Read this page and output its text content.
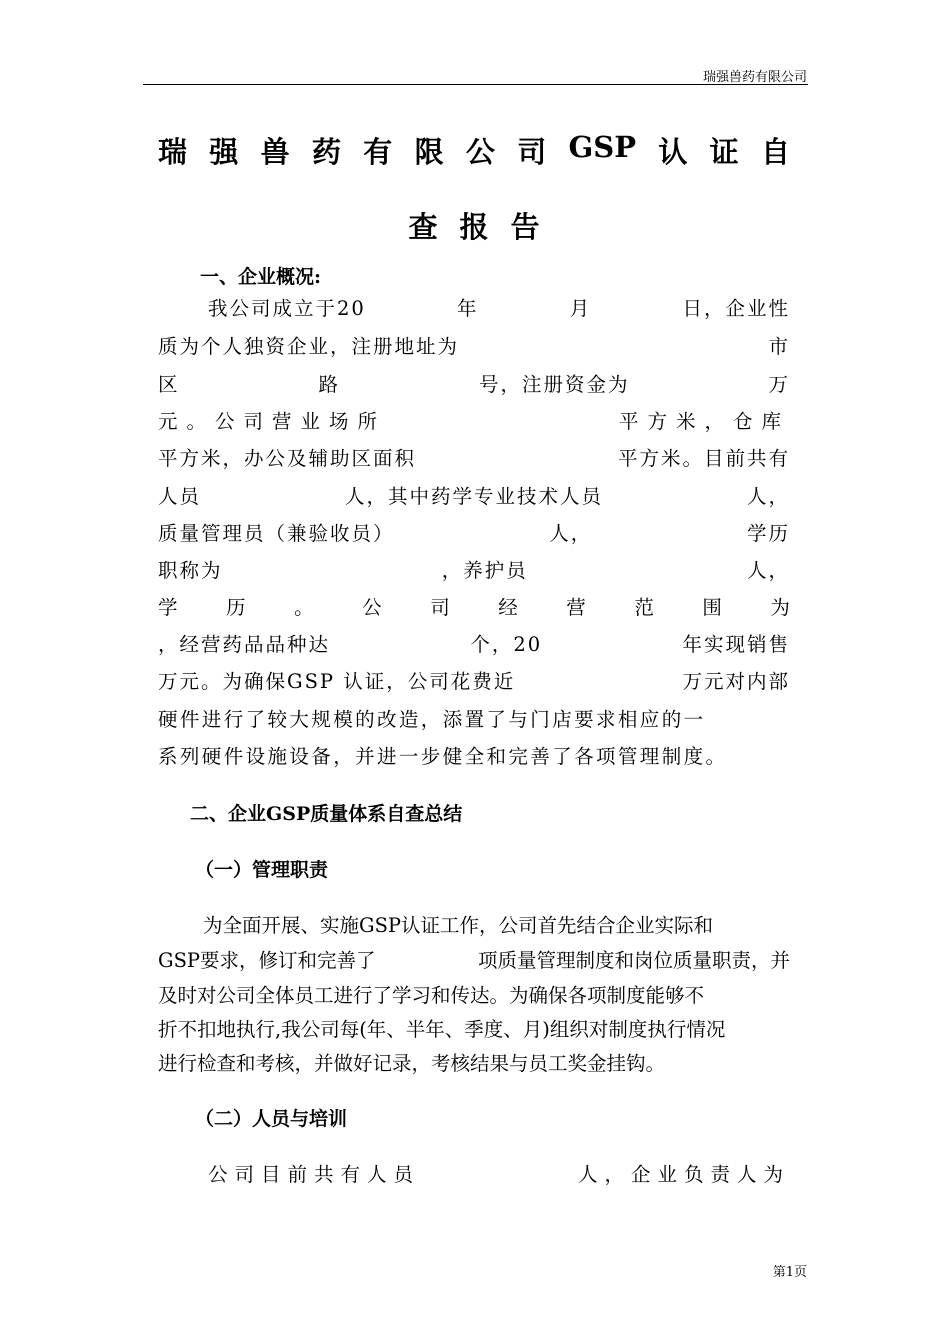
瑞强兽药有限公司
瑞 强 兽 药 有 限 公 司 GSP 认 证 自
查 报 告
一、企业概况:
我公司成立于20	年	月	日，企业性
质为个人独资企业，注册地址为	市
区	路	号，注册资金为	万
元。公司营业场所	平方米，仓库
平方米，办公及辅助区面积	平方米。目前共有
人员	人，其中药学专业技术人员	人，
质量管理员（兼验收员）	人，	学历
职称为	，养护员	人，
学 历 。 公 司 经 营 范 围 为
，经营药品品种达	个，20	年实现销售
万元。为确保GSP 认证，公司花费近	万元对内部
硬件进行了较大规模的改造，添置了与门店要求相应的一
系列硬件设施设备，并进一步健全和完善了各项管理制度。
二、企业GSP质量体系自查总结
（一）管理职责
为全面开展、实施GSP认证工作，公司首先结合企业实际和
GSP要求，修订和完善了	项质量管理制度和岗位质量职责，并
及时对公司全体员工进行了学习和传达。为确保各项制度能够不
折不扣地执行,我公司每(年、半年、季度、月)组织对制度执行情况
进行检查和考核，并做好记录，考核结果与员工奖金挂钩。
（二）人员与培训
公司目前共有人员	人，企业负责人为
第1页
